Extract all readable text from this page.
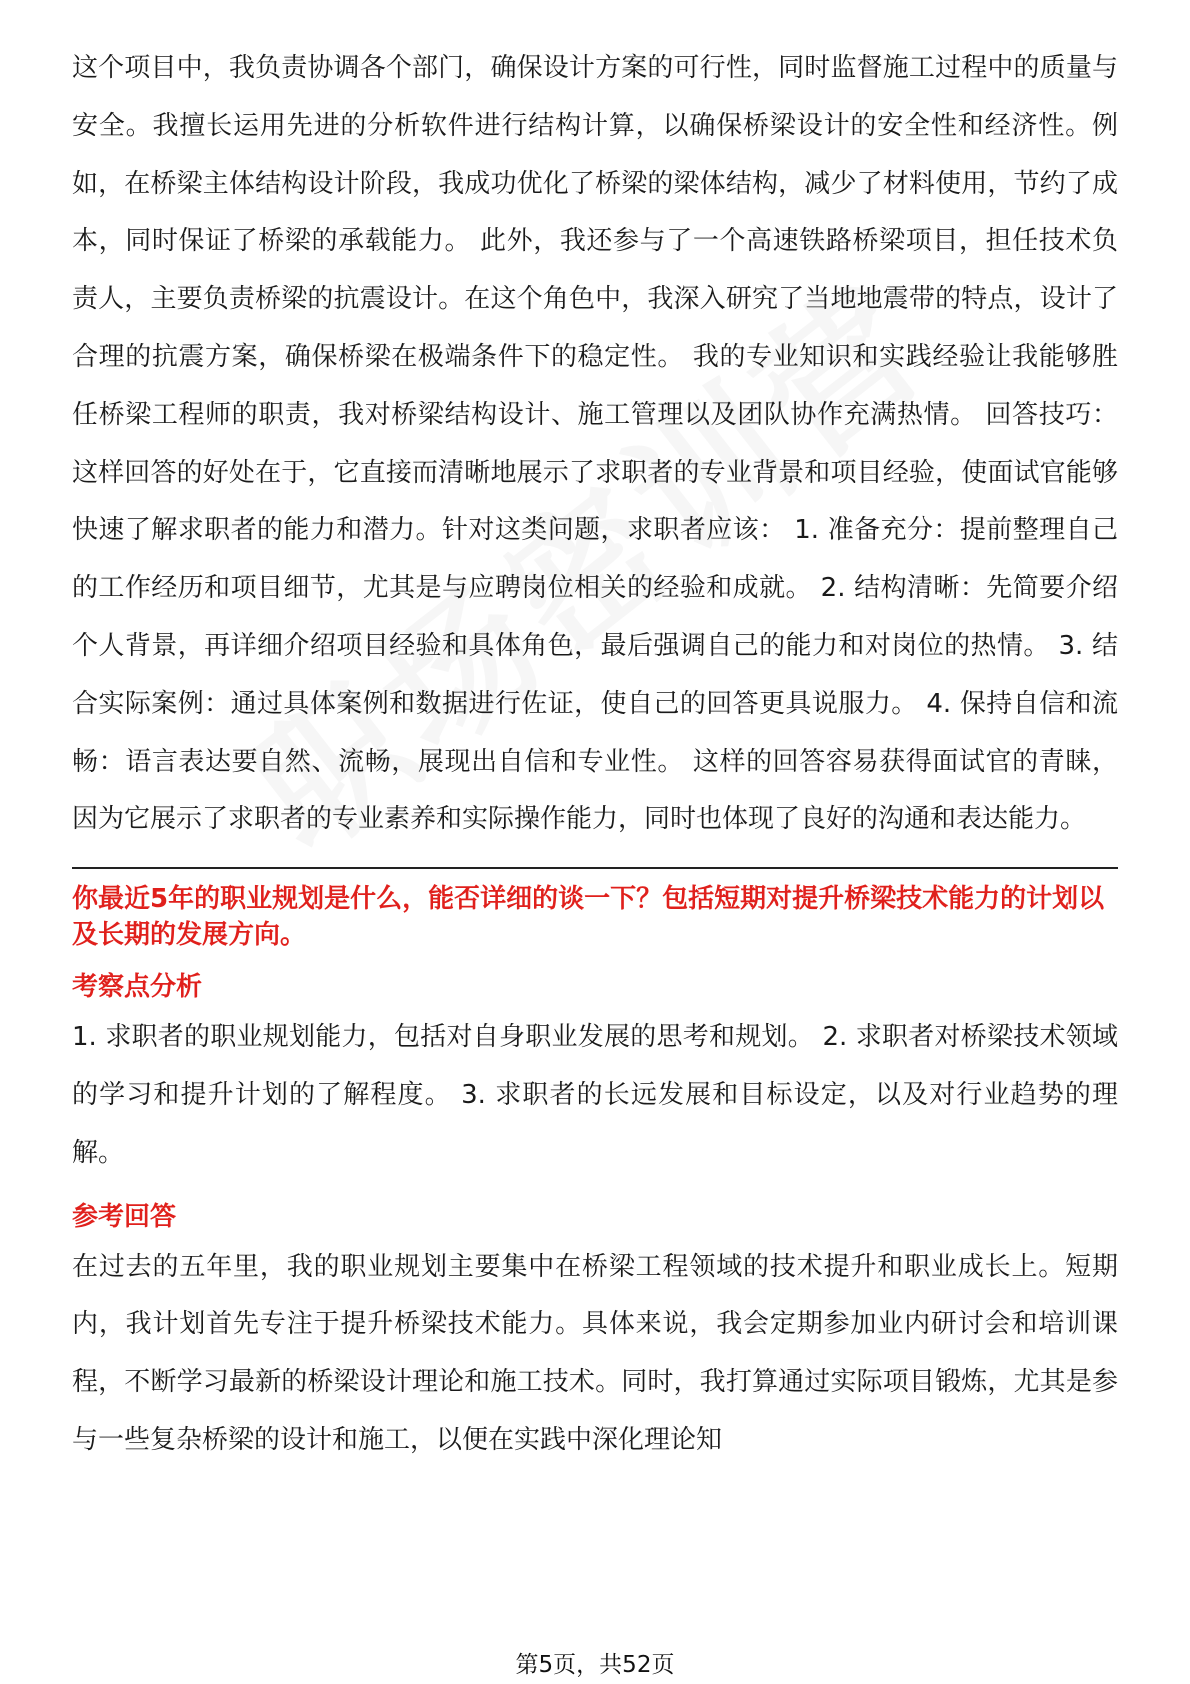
这个项目中，我负责协调各个部门，确保设计方案的可行性，同时监督施工过程中的质量与安全。我擅长运用先进的分析软件进行结构计算，以确保桥梁设计的安全性和经济性。例如，在桥梁主体结构设计阶段，我成功优化了桥梁的梁体结构，减少了材料使用，节约了成本，同时保证了桥梁的承载能力。 此外，我还参与了一个高速铁路桥梁项目，担任技术负责人，主要负责桥梁的抗震设计。在这个角色中，我深入研究了当地地震带的特点，设计了合理的抗震方案，确保桥梁在极端条件下的稳定性。 我的专业知识和实践经验让我能够胜任桥梁工程师的职责，我对桥梁结构设计、施工管理以及团队协作充满热情。 回答技巧： 这样回答的好处在于，它直接而清晰地展示了求职者的专业背景和项目经验，使面试官能够快速了解求职者的能力和潜力。针对这类问题，求职者应该： 1. 准备充分：提前整理自己的工作经历和项目细节，尤其是与应聘岗位相关的经验和成就。 2. 结构清晰：先简要介绍个人背景，再详细介绍项目经验和具体角色，最后强调自己的能力和对岗位的热情。 3. 结合实际案例：通过具体案例和数据进行佐证，使自己的回答更具说服力。 4. 保持自信和流畅：语言表达要自然、流畅，展现出自信和专业性。 这样的回答容易获得面试官的青睐，因为它展示了求职者的专业素养和实际操作能力，同时也体现了良好的沟通和表达能力。

你最近5年的职业规划是什么，能否详细的谈一下？包括短期对提升桥梁技术能力的计划以及长期的发展方向。

考察点分析

1. 求职者的职业规划能力，包括对自身职业发展的思考和规划。 2. 求职者对桥梁技术领域的学习和提升计划的了解程度。 3. 求职者的长远发展和目标设定，以及对行业趋势的理解。

参考回答

在过去的五年里，我的职业规划主要集中在桥梁工程领域的技术提升和职业成长上。短期内，我计划首先专注于提升桥梁技术能力。具体来说，我会定期参加业内研讨会和培训课程，不断学习最新的桥梁设计理论和施工技术。同时，我打算通过实际项目锻炼，尤其是参与一些复杂桥梁的设计和施工，以便在实践中深化理论知

第5页，共52页
